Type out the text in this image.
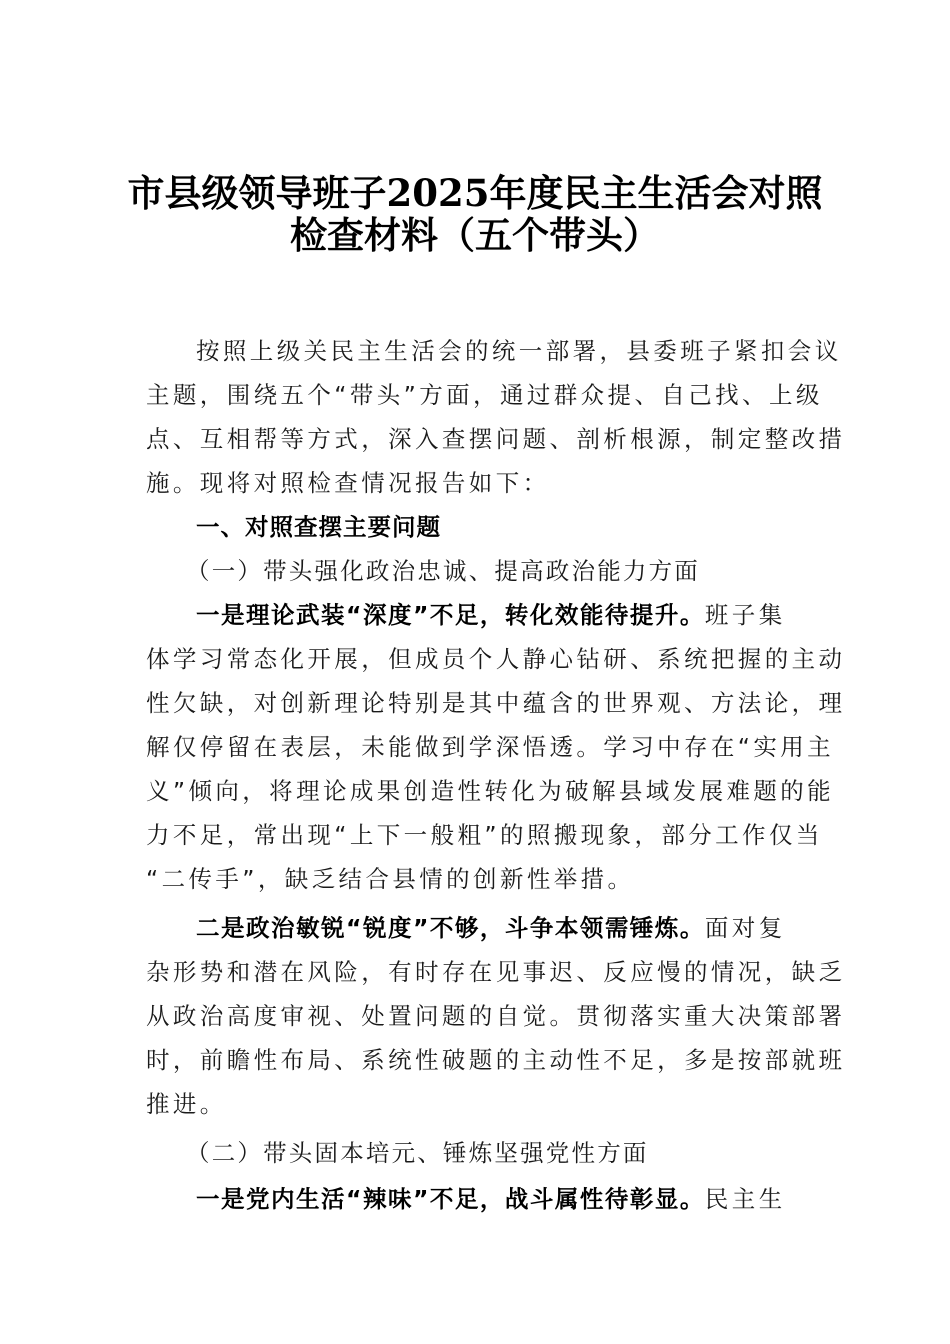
市县级领导班子2025年度民主生活会对照
检查材料（五个带头）
按照上级关民主生活会的统一部署，县委班子紧扣会议
主题，围绕五个“带头”方面，通过群众提、自己找、上级
点、互相帮等方式，深入查摆问题、剖析根源，制定整改措
施。现将对照检查情况报告如下：
一、对照查摆主要问题
（一）带头强化政治忠诚、提高政治能力方面
一是理论武装“深度”不足，转化效能待提升。班子集
体学习常态化开展，但成员个人静心钻研、系统把握的主动
性欠缺，对创新理论特别是其中蕴含的世界观、方法论，理
解仅停留在表层，未能做到学深悟透。学习中存在“实用主
义”倾向，将理论成果创造性转化为破解县域发展难题的能
力不足，常出现“上下一般粗”的照搬现象，部分工作仅当
“二传手”，缺乏结合县情的创新性举措。
二是政治敏锐“锐度”不够，斗争本领需锤炼。面对复
杂形势和潜在风险，有时存在见事迟、反应慢的情况，缺乏
从政治高度审视、处置问题的自觉。贯彻落实重大决策部署
时，前瞻性布局、系统性破题的主动性不足，多是按部就班
推进。
（二）带头固本培元、锤炼坚强党性方面
一是党内生活“辣味”不足，战斗属性待彰显。民主生
